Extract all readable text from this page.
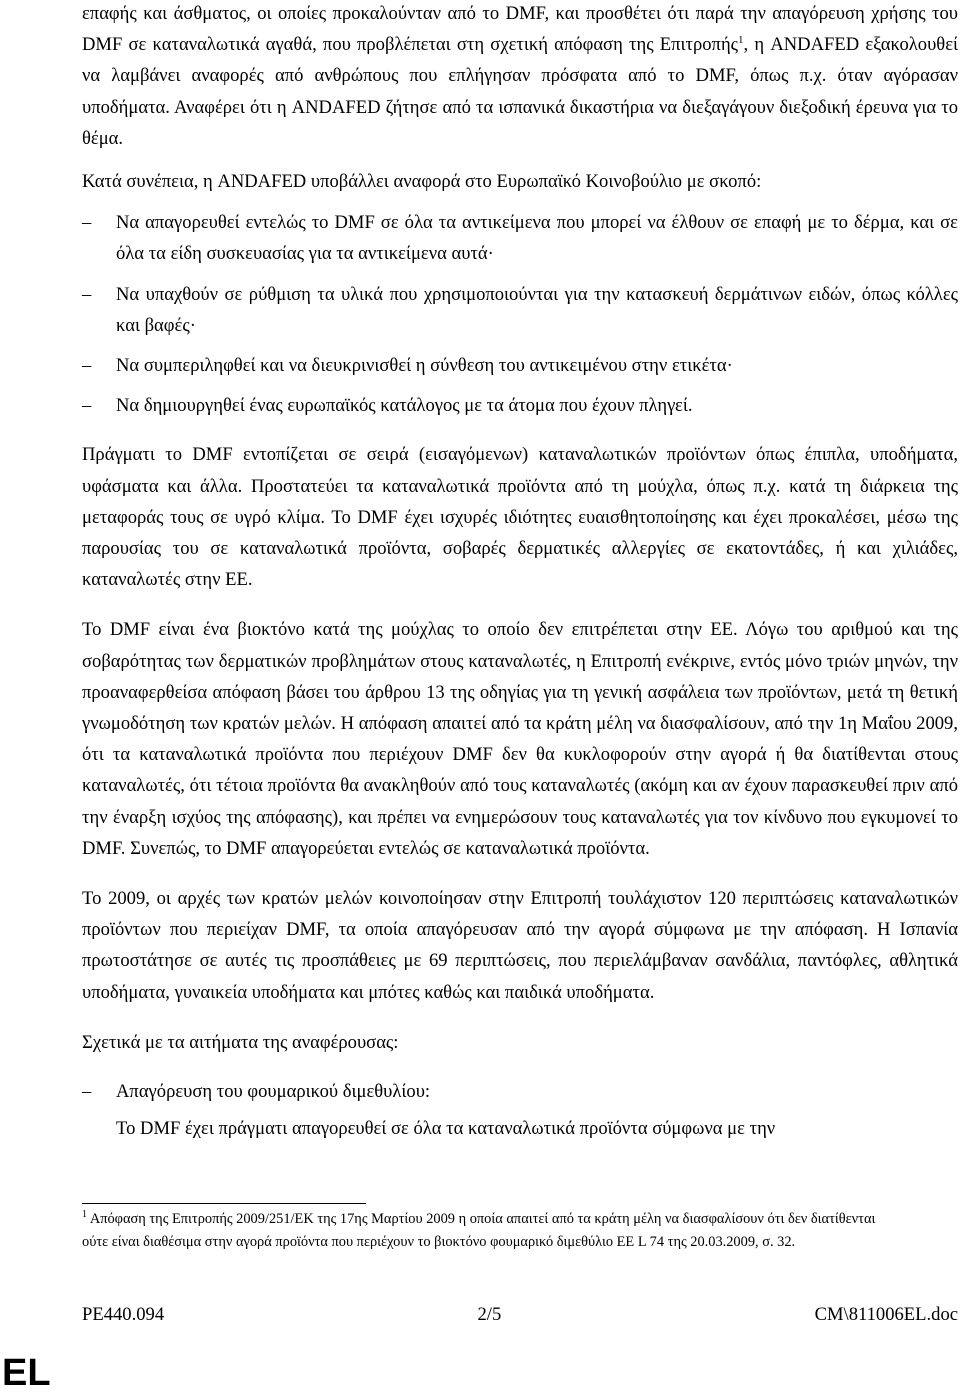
επαφής και άσθματος, οι οποίες προκαλούνταν από το DMF, και προσθέτει ότι παρά την απαγόρευση χρήσης του DMF σε καταναλωτικά αγαθά, που προβλέπεται στη σχετική απόφαση της Επιτροπής$^1$, η ANDAFED εξακολουθεί να λαμβάνει αναφορές από ανθρώπους που επλήγησαν πρόσφατα από το DMF, όπως π.χ. όταν αγόρασαν υποδήματα. Αναφέρει ότι η ANDAFED ζήτησε από τα ισπανικά δικαστήρια να διεξαγάγουν διεξοδική έρευνα για το θέμα.

Κατά συνέπεια, η ANDAFED υποβάλλει αναφορά στο Ευρωπαϊκό Κοινοβούλιο με σκοπό:

– Να απαγορευθεί εντελώς το DMF σε όλα τα αντικείμενα που μπορεί να έλθουν σε επαφή με το δέρμα, και σε όλα τα είδη συσκευασίας για τα αντικείμενα αυτά·
– Να υπαχθούν σε ρύθμιση τα υλικά που χρησιμοποιούνται για την κατασκευή δερμάτινων ειδών, όπως κόλλες και βαφές·
– Να συμπεριληφθεί και να διευκρινισθεί η σύνθεση του αντικειμένου στην ετικέτα·
– Να δημιουργηθεί ένας ευρωπαϊκός κατάλογος με τα άτομα που έχουν πληγεί.

Πράγματι το DMF εντοπίζεται σε σειρά (εισαγόμενων) καταναλωτικών προϊόντων όπως έπιπλα, υποδήματα, υφάσματα και άλλα. Προστατεύει τα καταναλωτικά προϊόντα από τη μούχλα, όπως π.χ. κατά τη διάρκεια της μεταφοράς τους σε υγρό κλίμα. Το DMF έχει ισχυρές ιδιότητες ευαισθητοποίησης και έχει προκαλέσει, μέσω της παρουσίας του σε καταναλωτικά προϊόντα, σοβαρές δερματικές αλλεργίες σε εκατοντάδες, ή και χιλιάδες, καταναλωτές στην ΕΕ.

Το DMF είναι ένα βιοκτόνο κατά της μούχλας το οποίο δεν επιτρέπεται στην ΕΕ. Λόγω του αριθμού και της σοβαρότητας των δερματικών προβλημάτων στους καταναλωτές, η Επιτροπή ενέκρινε, εντός μόνο τριών μηνών, την προαναφερθείσα απόφαση βάσει του άρθρου 13 της οδηγίας για τη γενική ασφάλεια των προϊόντων, μετά τη θετική γνωμοδότηση των κρατών μελών. Η απόφαση απαιτεί από τα κράτη μέλη να διασφαλίσουν, από την 1η Μαΐου 2009, ότι τα καταναλωτικά προϊόντα που περιέχουν DMF δεν θα κυκλοφορούν στην αγορά ή θα διατίθενται στους καταναλωτές, ότι τέτοια προϊόντα θα ανακληθούν από τους καταναλωτές (ακόμη και αν έχουν παρασκευθεί πριν από την έναρξη ισχύος της απόφασης), και πρέπει να ενημερώσουν τους καταναλωτές για τον κίνδυνο που εγκυμονεί το DMF. Συνεπώς, το DMF απαγορεύεται εντελώς σε καταναλωτικά προϊόντα.

Το 2009, οι αρχές των κρατών μελών κοινοποίησαν στην Επιτροπή τουλάχιστον 120 περιπτώσεις καταναλωτικών προϊόντων που περιείχαν DMF, τα οποία απαγόρευσαν από την αγορά σύμφωνα με την απόφαση. Η Ισπανία πρωτοστάτησε σε αυτές τις προσπάθειες με 69 περιπτώσεις, που περιελάμβαναν σανδάλια, παντόφλες, αθλητικά υποδήματα, γυναικεία υποδήματα και μπότες καθώς και παιδικά υποδήματα.

Σχετικά με τα αιτήματα της αναφέρουσας:

– Απαγόρευση του φουμαρικού διμεθυλίου:

Το DMF έχει πράγματι απαγορευθεί σε όλα τα καταναλωτικά προϊόντα σύμφωνα με την

$^1$ Απόφαση της Επιτροπής 2009/251/ΕΚ της 17ης Μαρτίου 2009 η οποία απαιτεί από τα κράτη μέλη να διασφαλίσουν ότι δεν διατίθενται ούτε είναι διαθέσιμα στην αγορά προϊόντα που περιέχουν το βιοκτόνο φουμαρικό διμεθύλιο ΕΕ L 74 της 20.03.2009, σ. 32.
PE440.094	2/5	CM\811006EL.doc
EL
